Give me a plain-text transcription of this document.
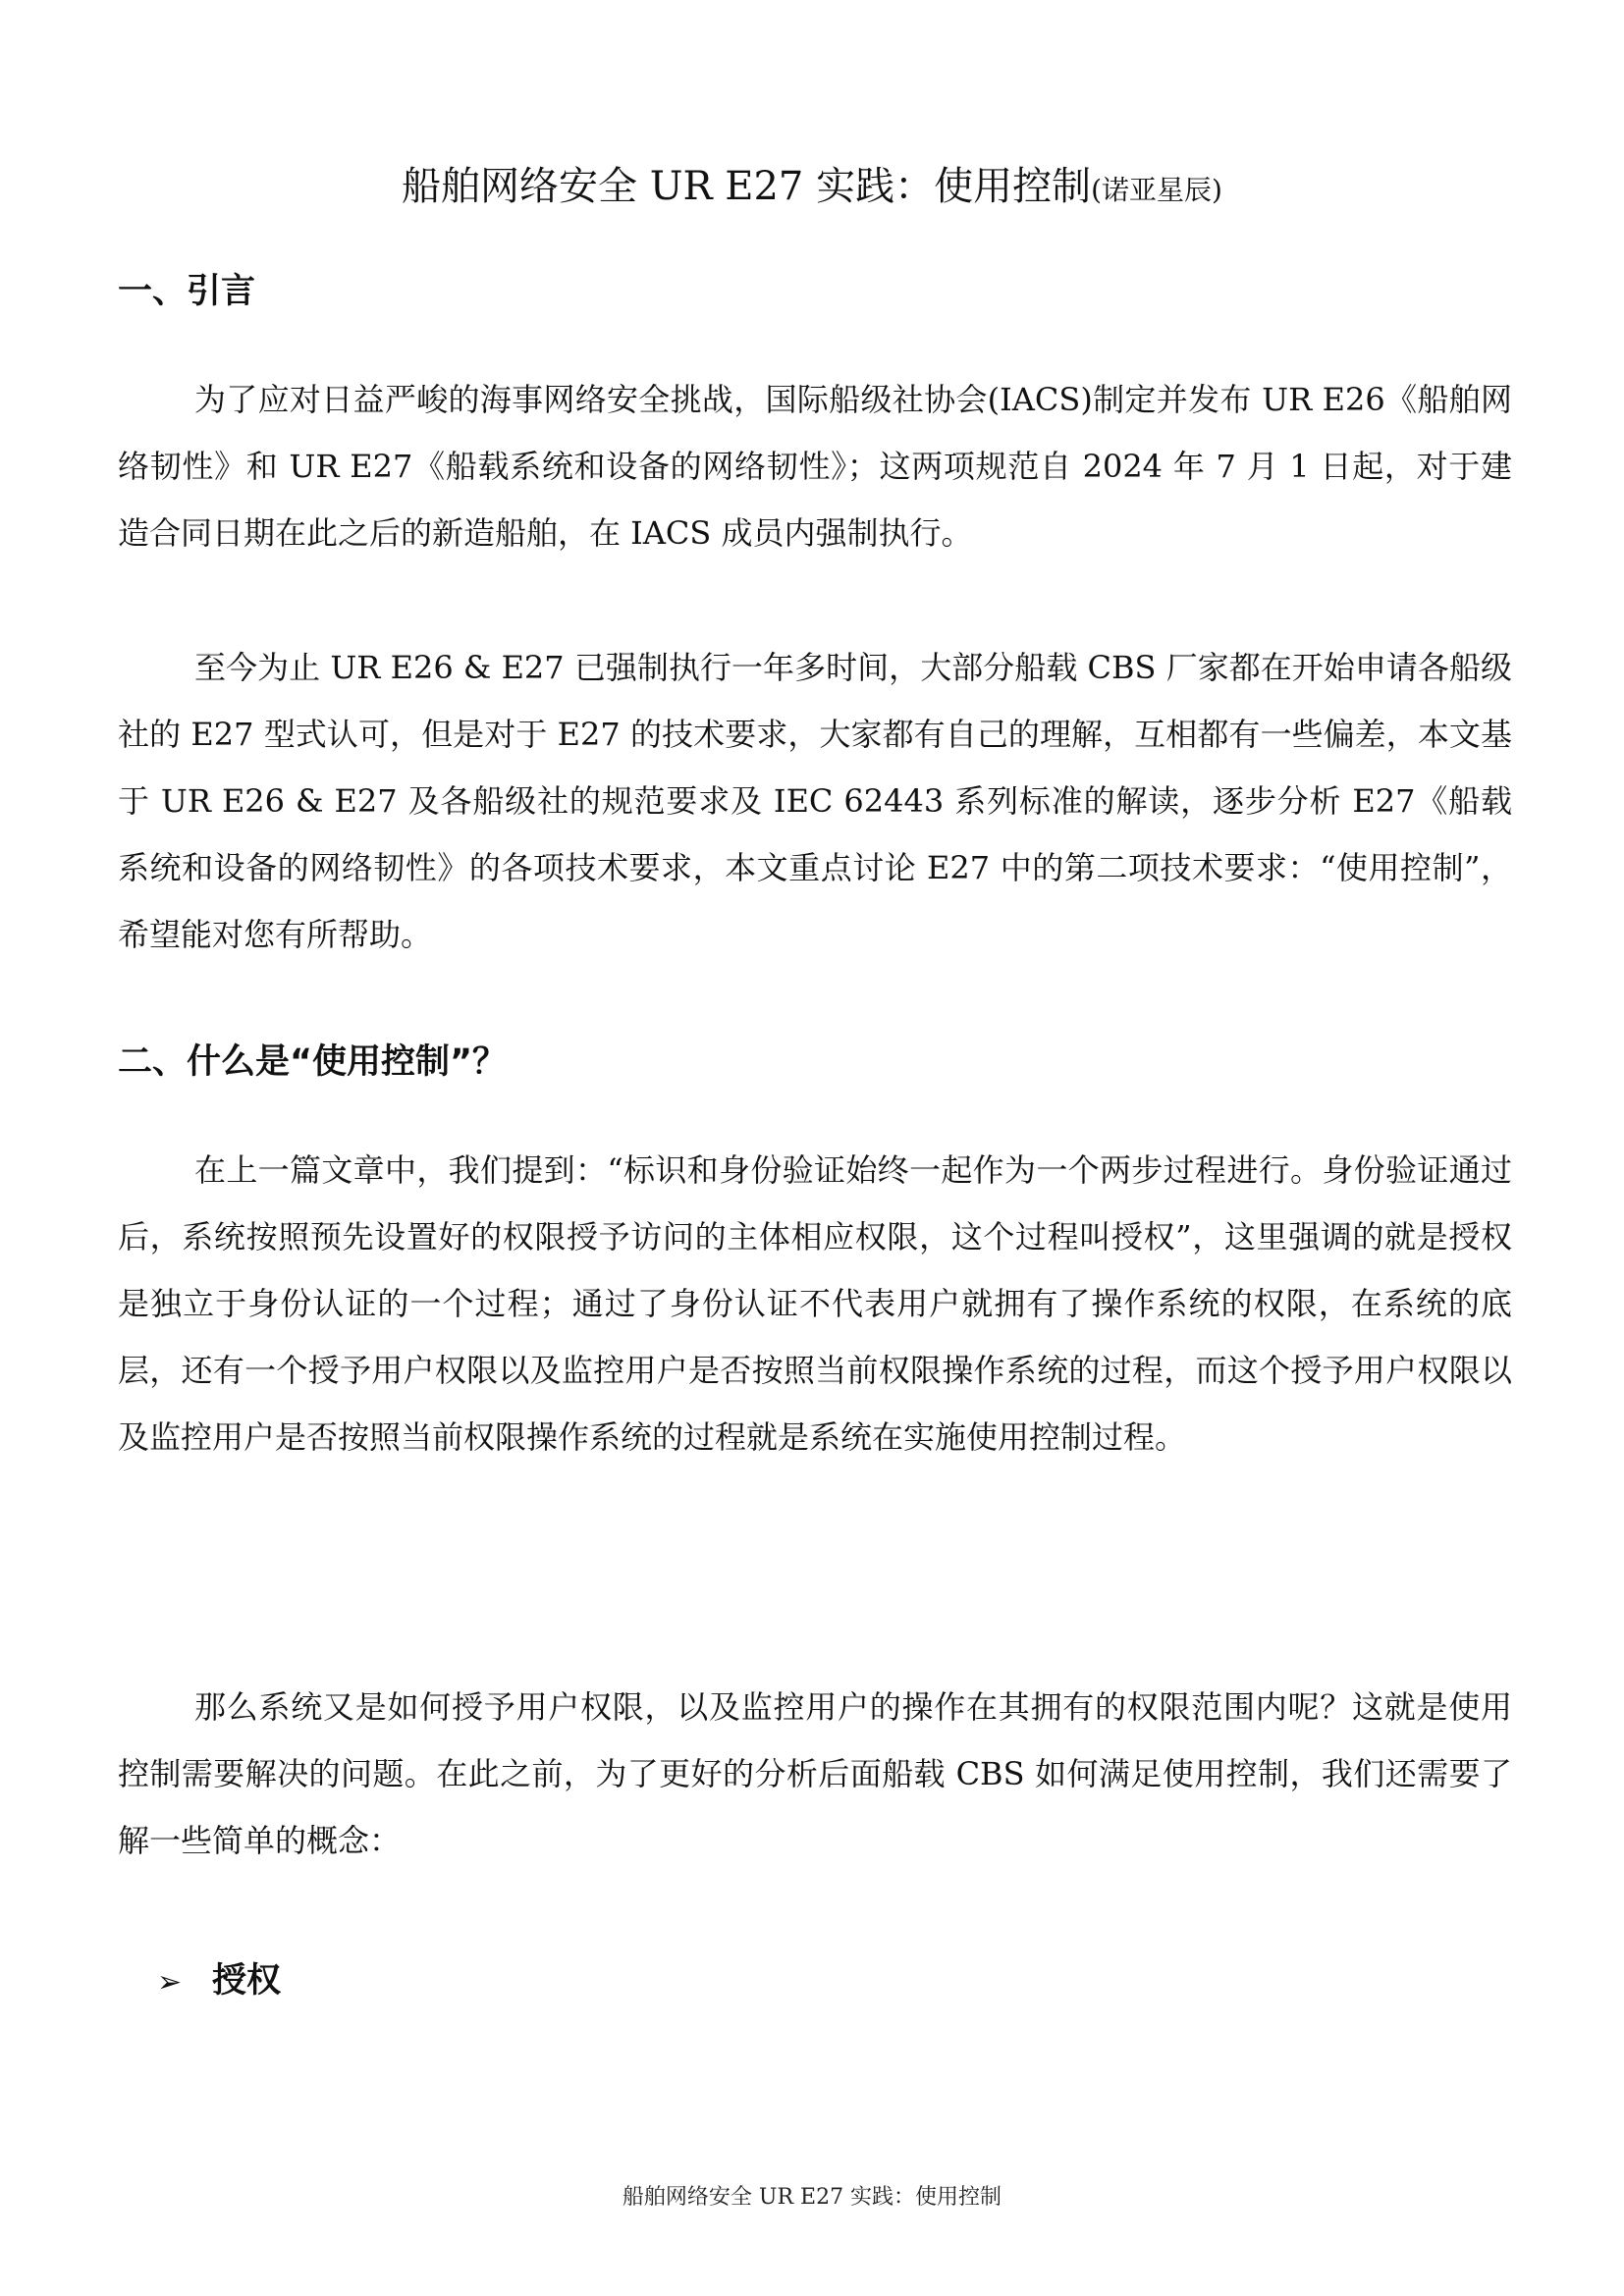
船舶网络安全 UR E27 实践：使用控制(诺亚星辰)
一、引言

为了应对日益严峻的海事网络安全挑战，国际船级社协会(IACS)制定并发布 UR E26《船舶网络韧性》和 UR E27《船载系统和设备的网络韧性》；这两项规范自 2024 年 7 月 1 日起，对于建造合同日期在此之后的新造船舶，在 IACS 成员内强制执行。

至今为止 UR E26 & E27 已强制执行一年多时间，大部分船载 CBS 厂家都在开始申请各船级社的 E27 型式认可，但是对于 E27 的技术要求，大家都有自己的理解，互相都有一些偏差，本文基于 UR E26 & E27 及各船级社的规范要求及 IEC 62443 系列标准的解读，逐步分析 E27《船载系统和设备的网络韧性》的各项技术要求，本文重点讨论 E27 中的第二项技术要求：“使用控制”，希望能对您有所帮助。

二、什么是“使用控制”？

在上一篇文章中，我们提到：“标识和身份验证始终一起作为一个两步过程进行。身份验证通过后，系统按照预先设置好的权限授予访问的主体相应权限，这个过程叫授权”，这里强调的就是授权是独立于身份认证的一个过程；通过了身份认证不代表用户就拥有了操作系统的权限，在系统的底层，还有一个授予用户权限以及监控用户是否按照当前权限操作系统的过程，而这个授予用户权限以及监控用户是否按照当前权限操作系统的过程就是系统在实施使用控制过程。

那么系统又是如何授予用户权限，以及监控用户的操作在其拥有的权限范围内呢？这就是使用控制需要解决的问题。在此之前，为了更好的分析后面船载 CBS 如何满足使用控制，我们还需要了解一些简单的概念：

➢ 授权
船舶网络安全 UR E27 实践：使用控制
